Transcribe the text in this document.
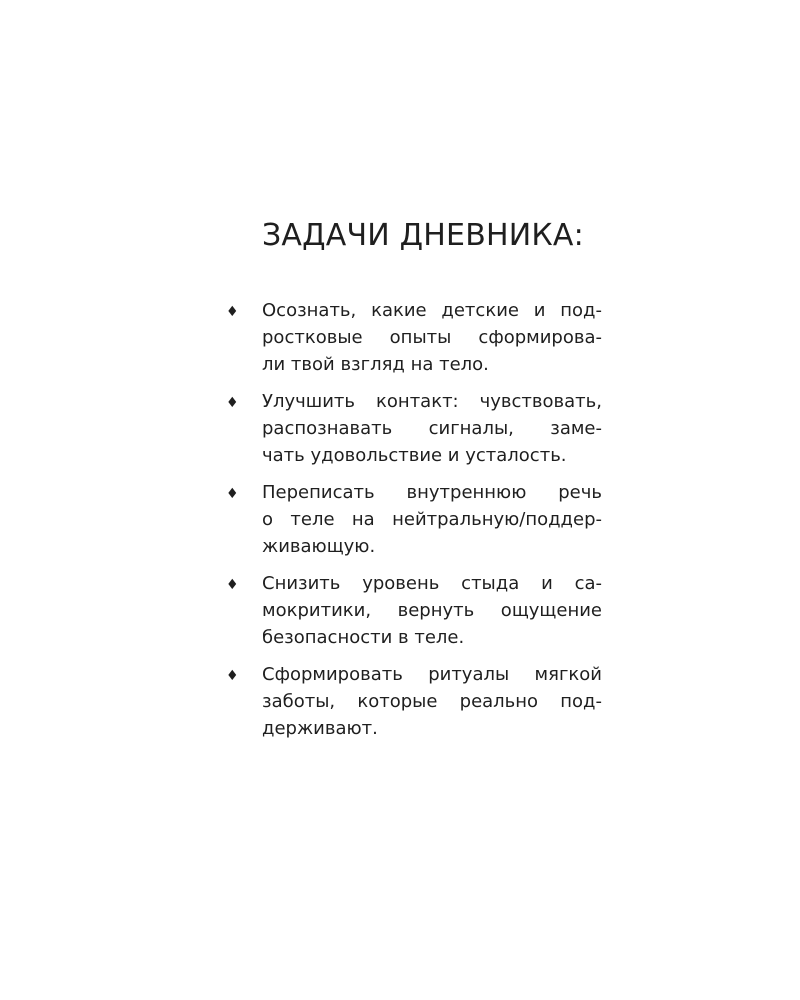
ЗАДАЧИ ДНЕВНИКА:
♦ Осознать, какие детские и под-
ростковые опыты сформирова-
ли твой взгляд на тело.
♦ Улучшить контакт: чувствовать,
распознавать сигналы, заме-
чать удовольствие и усталость.
♦ Переписать внутреннюю речь
о теле на нейтральную/поддер-
живающую.
♦ Снизить уровень стыда и са-
мокритики, вернуть ощущение
безопасности в теле.
♦ Сформировать ритуалы мягкой
заботы, которые реально под-
держивают.
